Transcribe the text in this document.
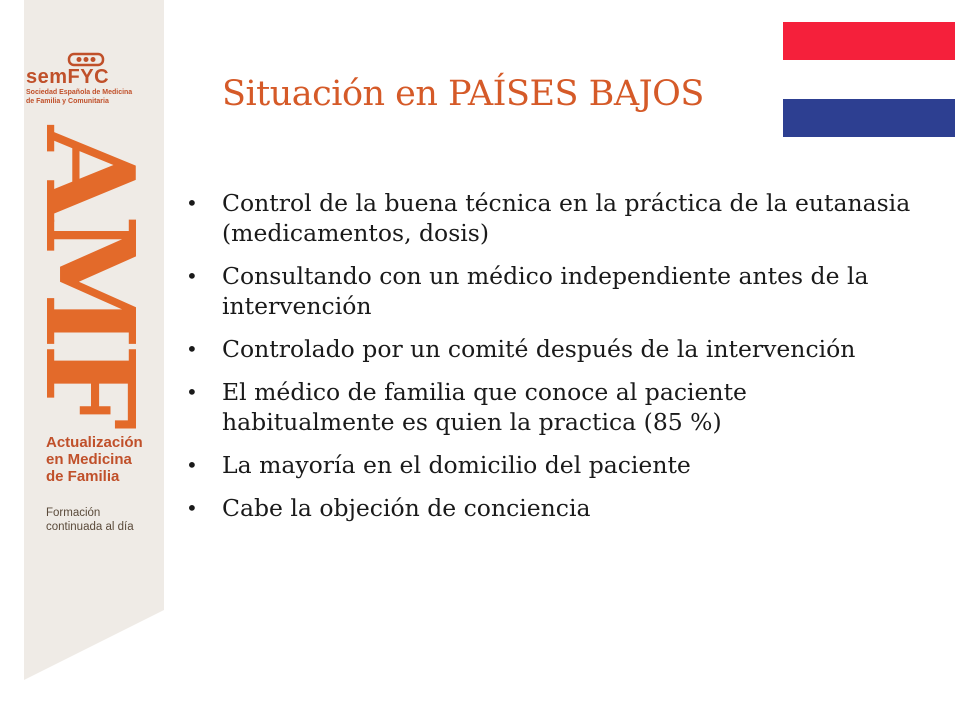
semFYC
Sociedad Española de Medicina
de Familia y Comunitaria
AMF
Actualización
en Medicina
de Familia
Formación
continuada al día
Situación en PAÍSES BAJOS
• Control de la buena técnica en la práctica de la eutanasia (medicamentos, dosis)
• Consultando con un médico independiente antes de la intervención
• Controlado por un comité después de la intervención
• El médico de familia que conoce al paciente habitualmente es quien la practica (85 %)
• La mayoría en el domicilio del paciente
• Cabe la objeción de conciencia
